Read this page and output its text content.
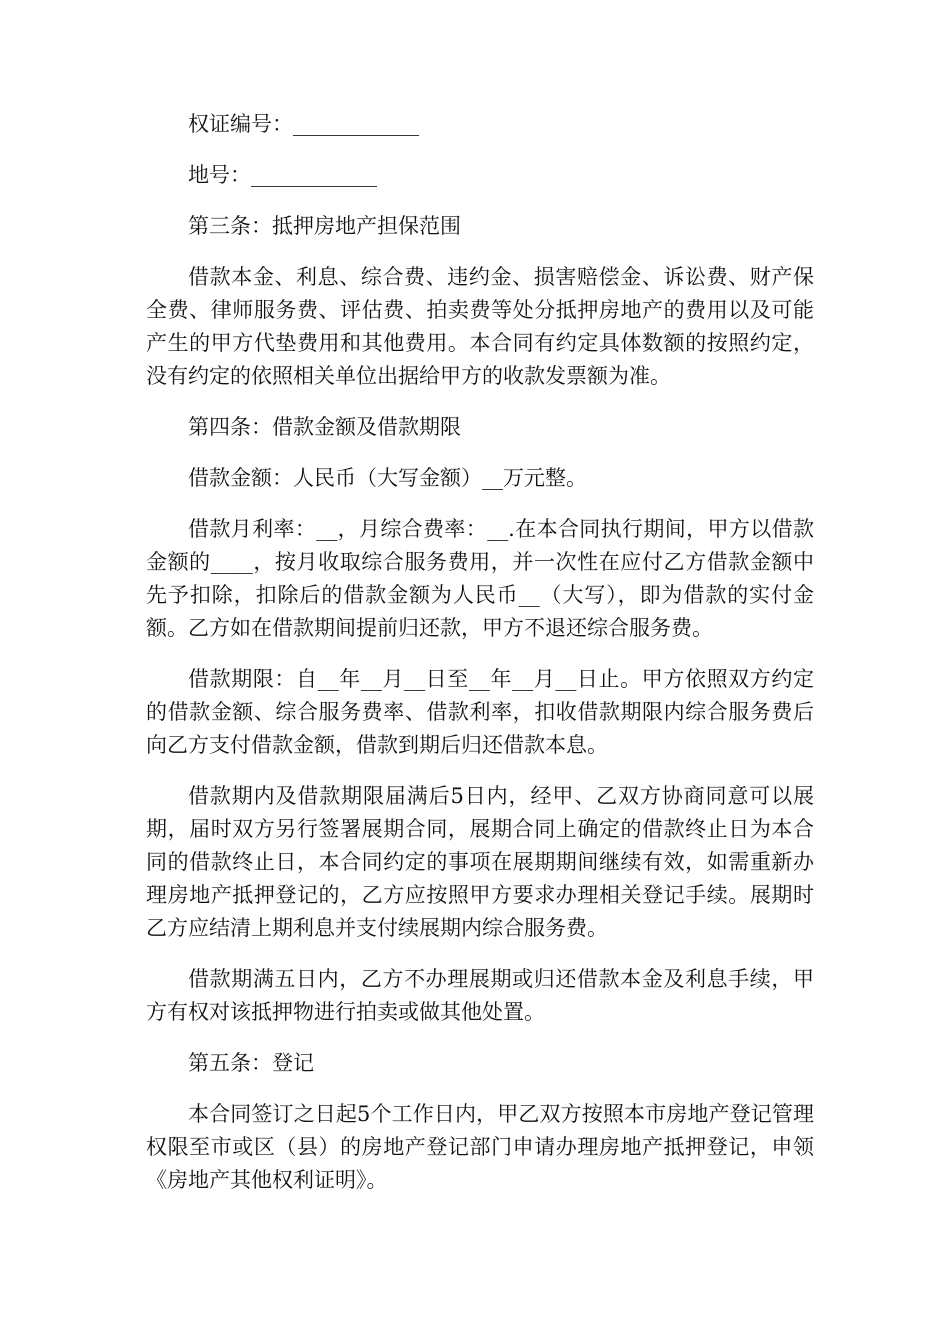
权证编号：____________

地号：____________

第三条：抵押房地产担保范围

借款本金、利息、综合费、违约金、损害赔偿金、诉讼费、财产保全费、律师服务费、评估费、拍卖费等处分抵押房地产的费用以及可能产生的甲方代垫费用和其他费用。本合同有约定具体数额的按照约定，没有约定的依照相关单位出据给甲方的收款发票额为准。

第四条：借款金额及借款期限

借款金额：人民币（大写金额）__万元整。

借款月利率：__，月综合费率：__.在本合同执行期间，甲方以借款金额的____，按月收取综合服务费用，并一次性在应付乙方借款金额中先予扣除，扣除后的借款金额为人民币__（大写），即为借款的实付金额。乙方如在借款期间提前归还款，甲方不退还综合服务费。

借款期限：自__年__月__日至__年__月__日止。甲方依照双方约定的借款金额、综合服务费率、借款利率，扣收借款期限内综合服务费后向乙方支付借款金额，借款到期后归还借款本息。

借款期内及借款期限届满后5日内，经甲、乙双方协商同意可以展期，届时双方另行签署展期合同，展期合同上确定的借款终止日为本合同的借款终止日，本合同约定的事项在展期期间继续有效，如需重新办理房地产抵押登记的，乙方应按照甲方要求办理相关登记手续。展期时乙方应结清上期利息并支付续展期内综合服务费。

借款期满五日内，乙方不办理展期或归还借款本金及利息手续，甲方有权对该抵押物进行拍卖或做其他处置。

第五条：登记

本合同签订之日起5个工作日内，甲乙双方按照本市房地产登记管理权限至市或区（县）的房地产登记部门申请办理房地产抵押登记，申领《房地产其他权利证明》。
